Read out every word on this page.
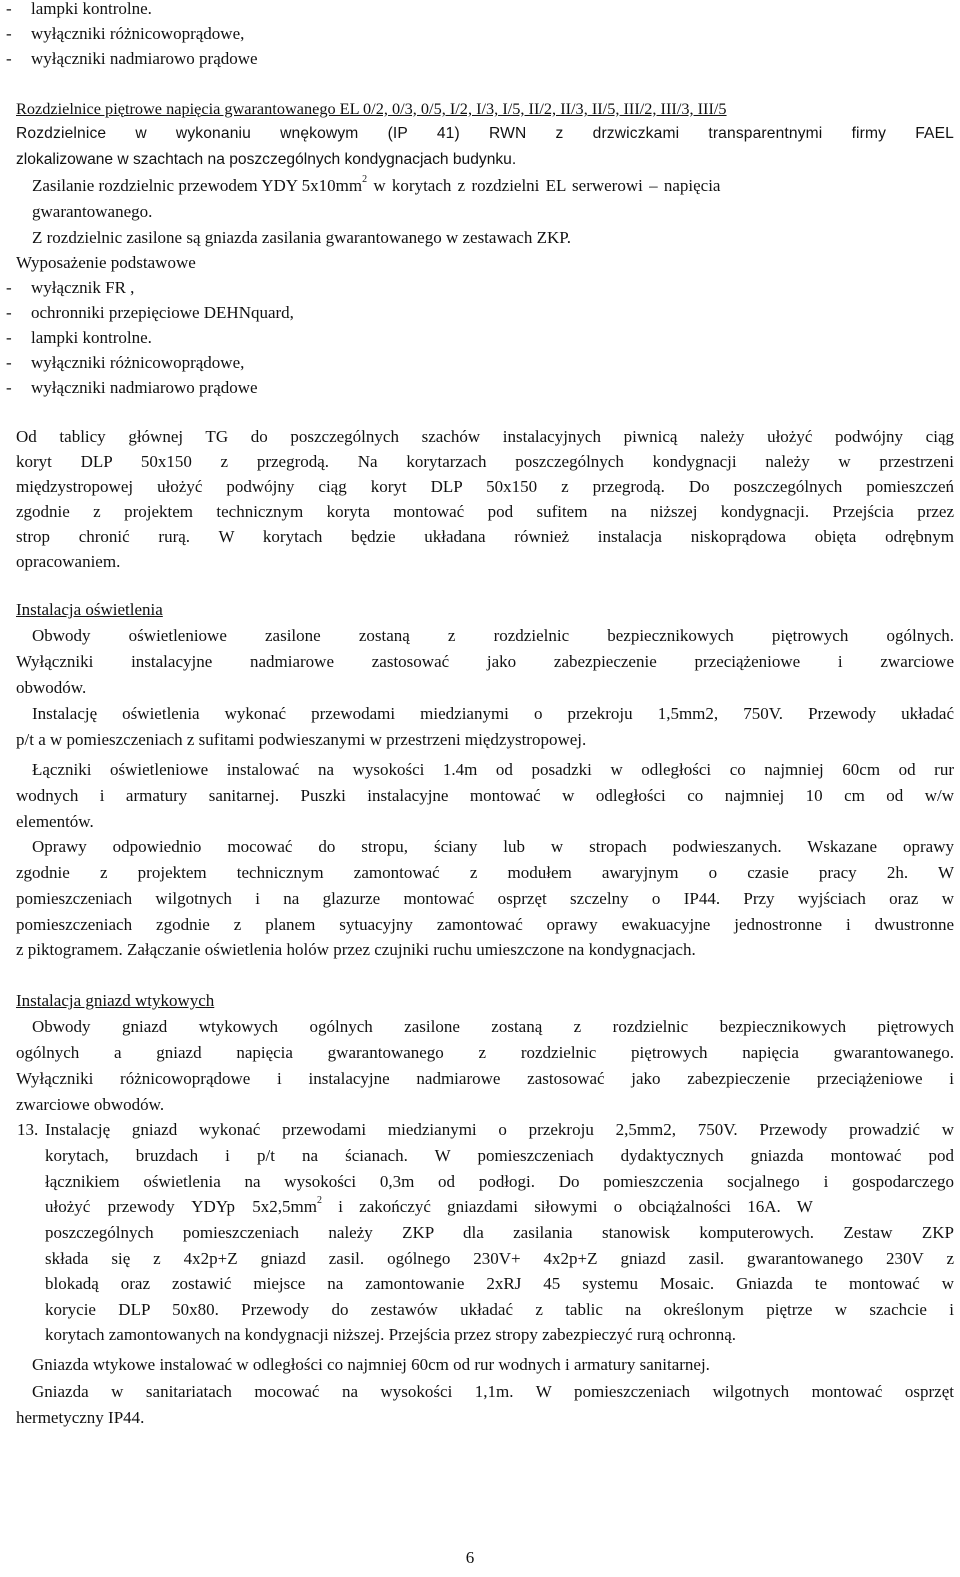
- lampki kontrolne.
- wyłączniki różnicowoprądowe,
- wyłączniki nadmiarowo prądowe
Rozdzielnice piętrowe napięcia gwarantowanego EL 0/2, 0/3, 0/5, I/2, I/3, I/5, II/2, II/3, II/5, III/2, III/3, III/5
Rozdzielnice w wykonaniu wnękowym (IP 41) RWN z drzwiczkami transparentnymi firmy FAEL
zlokalizowane w szachtach na poszczególnych kondygnacjach budynku.
Zasilanie rozdzielnic przewodem YDY $5x10mm^2$ w korytach z rozdzielni EL serwerowi – napięcia
gwarantowanego.
Z rozdzielnic zasilone są gniazda zasilania gwarantowanego w zestawach ZKP.
Wyposażenie podstawowe
- wyłącznik FR ,
- ochronniki przepięciowe DEHNquard,
- lampki kontrolne.
- wyłączniki różnicowoprądowe,
- wyłączniki nadmiarowo prądowe
Od tablicy głównej TG do poszczególnych szachów instalacyjnych piwnicą należy ułożyć podwójny ciąg
koryt DLP 50x150 z przegrodą. Na korytarzach poszczególnych kondygnacji należy w przestrzeni
międzystropowej ułożyć podwójny ciąg koryt DLP 50x150 z przegrodą. Do poszczególnych pomieszczeń
zgodnie z projektem technicznym koryta montować pod sufitem na niższej kondygnacji. Przejścia przez
strop chronić rurą. W korytach będzie układana również instalacja niskoprądowa obięta odrębnym
opracowaniem.
Instalacja oświetlenia
Obwody oświetleniowe zasilone zostaną z rozdzielnic bezpiecznikowych piętrowych ogólnych.
Wyłączniki instalacyjne nadmiarowe zastosować jako zabezpieczenie przeciążeniowe i zwarciowe
obwodów.
Instalację oświetlenia wykonać przewodami miedzianymi o przekroju 1,5mm2, 750V. Przewody układać
p/t a w pomieszczeniach z sufitami podwieszanymi w przestrzeni międzystropowej.
Łączniki oświetleniowe instalować na wysokości 1.4m od posadzki w odległości co najmniej 60cm od rur
wodnych i armatury sanitarnej. Puszki instalacyjne montować w odległości co najmniej 10 cm od w/w
elementów.
Oprawy odpowiednio mocować do stropu, ściany lub w stropach podwieszanych. Wskazane oprawy
zgodnie z projektem technicznym zamontować z modułem awaryjnym o czasie pracy 2h. W
pomieszczeniach wilgotnych i na glazurze montować osprzęt szczelny o IP44. Przy wyjściach oraz w
pomieszczeniach zgodnie z planem sytuacyjny zamontować oprawy ewakuacyjne jednostronne i dwustronne
z piktogramem. Załączanie oświetlenia holów przez czujniki ruchu umieszczone na kondygnacjach.
Instalacja gniazd wtykowych
Obwody gniazd wtykowych ogólnych zasilone zostaną z rozdzielnic bezpiecznikowych piętrowych
ogólnych a gniazd napięcia gwarantowanego z rozdzielnic piętrowych napięcia gwarantowanego.
Wyłączniki różnicowoprądowe i instalacyjne nadmiarowe zastosować jako zabezpieczenie przeciążeniowe i
zwarciowe obwodów.
13. Instalację gniazd wykonać przewodami miedzianymi o przekroju 2,5mm2, 750V. Przewody prowadzić w
korytach, bruzdach i p/t na ścianach. W pomieszczeniach dydaktycznych gniazda montować pod
łącznikiem oświetlenia na wysokości 0,3m od podłogi. Do pomieszczenia socjalnego i gospodarczego
ułożyć przewody YDYp $5x2,5mm^2$ i zakończyć gniazdami siłowymi o obciążalności 16A. W
poszczególnych pomieszczeniach należy ZKP dla zasilania stanowisk komputerowych. Zestaw ZKP
składa się z 4x2p+Z gniazd zasil. ogólnego 230V+ 4x2p+Z gniazd zasil. gwarantowanego 230V z
blokadą oraz zostawić miejsce na zamontowanie 2xRJ 45 systemu Mosaic. Gniazda te montować w
korycie DLP 50x80. Przewody do zestawów układać z tablic na określonym piętrze w szachcie i
korytach zamontowanych na kondygnacji niższej. Przejścia przez stropy zabezpieczyć rurą ochronną.
Gniazda wtykowe instalować w odległości co najmniej 60cm od rur wodnych i armatury sanitarnej.
Gniazda w sanitariatach mocować na wysokości 1,1m. W pomieszczeniach wilgotnych montować osprzęt
hermetyczny IP44.
6
